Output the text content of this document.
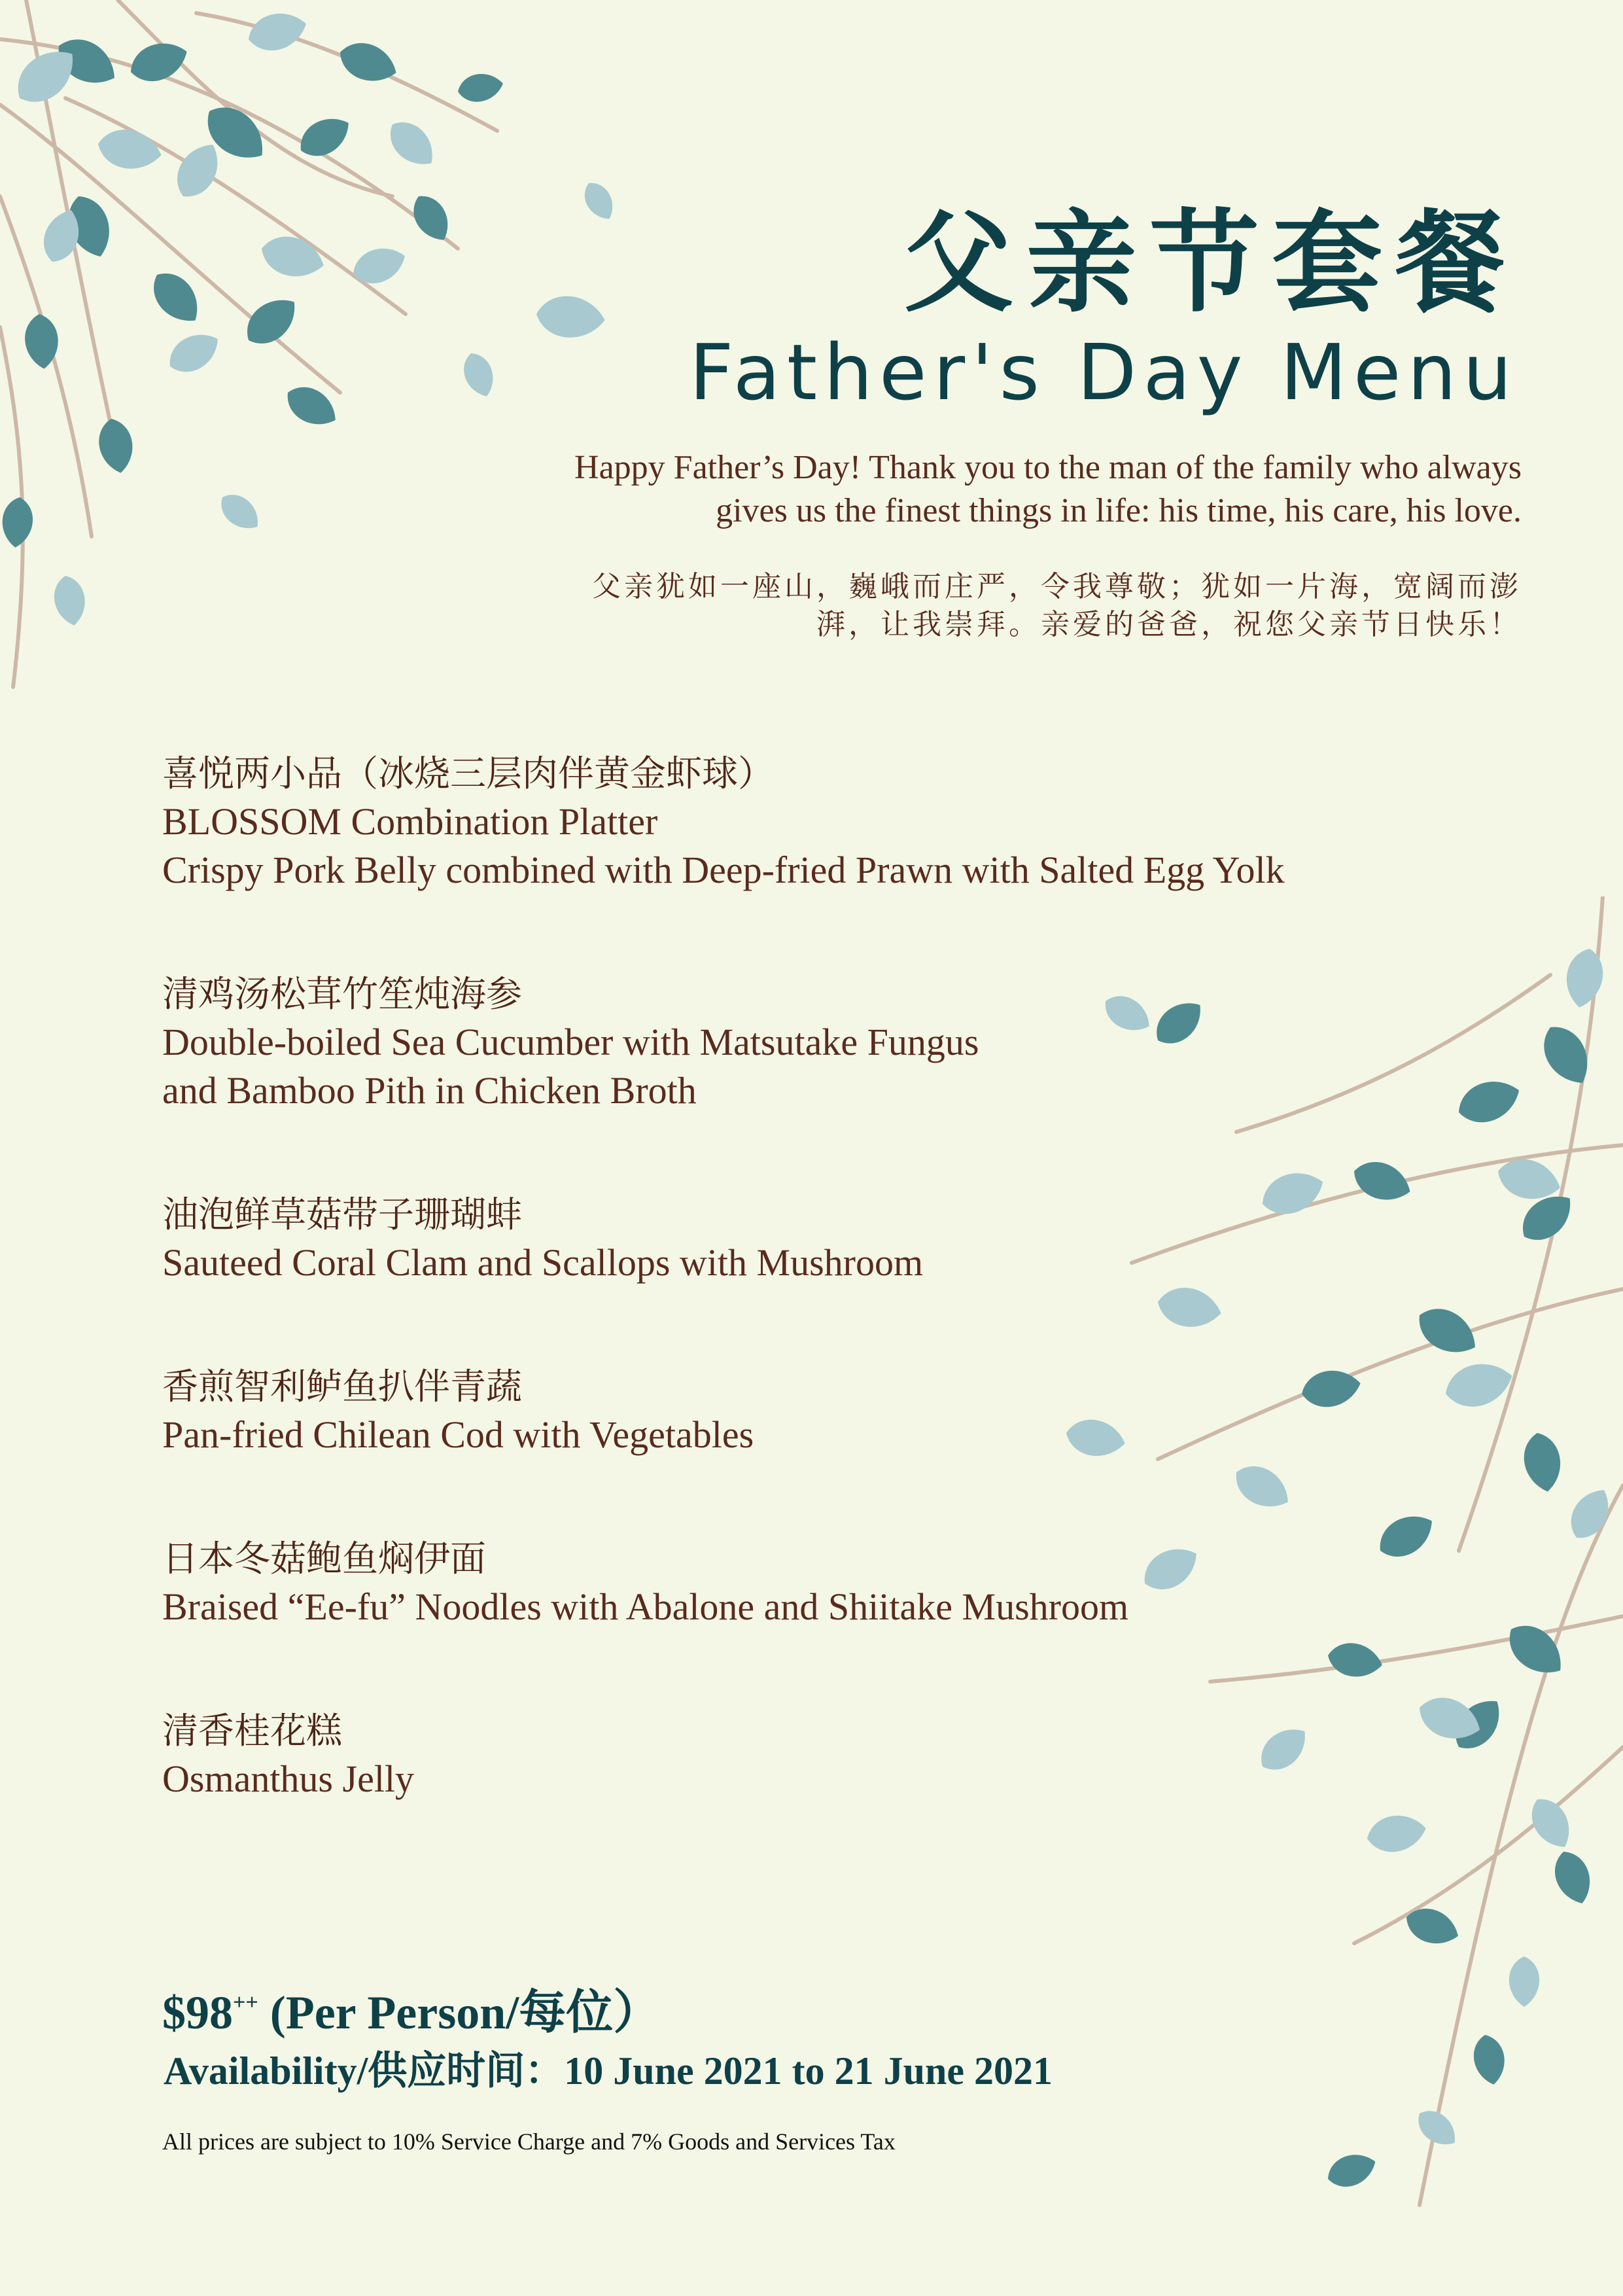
父亲节套餐
Father's Day Menu
Happy Father’s Day! Thank you to the man of the family who always
gives us the finest things in life: his time, his care, his love.
父亲犹如一座山，巍峨而庄严，令我尊敬；犹如一片海，宽阔而澎
湃，让我崇拜。亲爱的爸爸，祝您父亲节日快乐！
喜悦两小品（冰烧三层肉伴黄金虾球）
BLOSSOM Combination Platter
Crispy Pork Belly combined with Deep-fried Prawn with Salted Egg Yolk
清鸡汤松茸竹笙炖海参
Double-boiled Sea Cucumber with Matsutake Fungus
and Bamboo Pith in Chicken Broth
油泡鲜草菇带子珊瑚蚌
Sauteed Coral Clam and Scallops with Mushroom
香煎智利鲈鱼扒伴青蔬
Pan-fried Chilean Cod with Vegetables
日本冬菇鲍鱼焖伊面
Braised “Ee-fu” Noodles with Abalone and Shiitake Mushroom
清香桂花糕
Osmanthus Jelly
$98++ (Per Person/每位）
Availability/供应时间：10 June 2021 to 21 June 2021
All prices are subject to 10% Service Charge and 7% Goods and Services Tax
